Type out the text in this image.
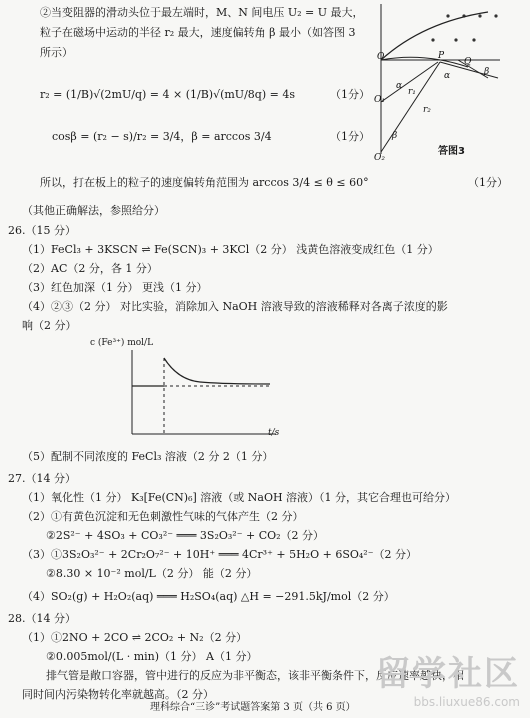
②当变阻器的滑动头位于最左端时，M、N 间电压 U₂ = U 最大，
粒子在磁场中运动的半径 r₂ 最大，速度偏转角 β 最小（如答图 3
所示）
r₂ = (1/B)√(2mU/q) = 4 × (1/B)√(mU/8q) = 4s	（1分）
cosβ = (r₂ − s)/r₂ = 3/4，β = arccos 3/4	（1分）
O
O₁
O₂
P
Q
α
β
r₁
r₂
β
α
答图3
所以，打在板上的粒子的速度偏转角范围为 arccos 3/4 ≤ θ ≤ 60°	（1分）
（其他正确解法，参照给分）
26.（15 分）
（1）FeCl₃ + 3KSCN ⇌ Fe(SCN)₃ + 3KCl（2 分） 浅黄色溶液变成红色（1 分）
（2）AC（2 分，各 1 分）
（3）红色加深（1 分） 更浅（1 分）
（4）②③（2 分） 对比实验，消除加入 NaOH 溶液导致的溶液稀释对各离子浓度的影
响（2 分）
c (Fe³⁺) mol/L
t/s
（5）配制不同浓度的 FeCl₃ 溶液（2 分 2（1 分）
27.（14 分）
（1）氧化性（1 分） K₃[Fe(CN)₆] 溶液（或 NaOH 溶液）（1 分，其它合理也可给分）
（2）①有黄色沉淀和无色刺激性气味的气体产生（2 分）
②2S²⁻ + 4SO₃ + CO₃²⁻ ═══ 3S₂O₃²⁻ + CO₂（2 分）
（3）①3S₂O₃²⁻ + 2Cr₂O₇²⁻ + 10H⁺ ═══ 4Cr³⁺ + 5H₂O + 6SO₄²⁻（2 分）
②8.30 × 10⁻² mol/L（2 分） 能（2 分）
（4）SO₂(g) + H₂O₂(aq) ═══ H₂SO₄(aq) △H = −291.5kJ/mol（2 分）
28.（14 分）
（1）①2NO + 2CO ⇌ 2CO₂ + N₂（2 分）
②0.005mol/(L · min)（1 分） A（1 分）
排气管是敞口容器，管中进行的反应为非平衡态，该非平衡条件下，反应速率越快，相
同时间内污染物转化率就越高。（2 分）
理科综合“三诊”考试题答案第 3 页（共 6 页）
留学社区
bbs.liuxue86.com
